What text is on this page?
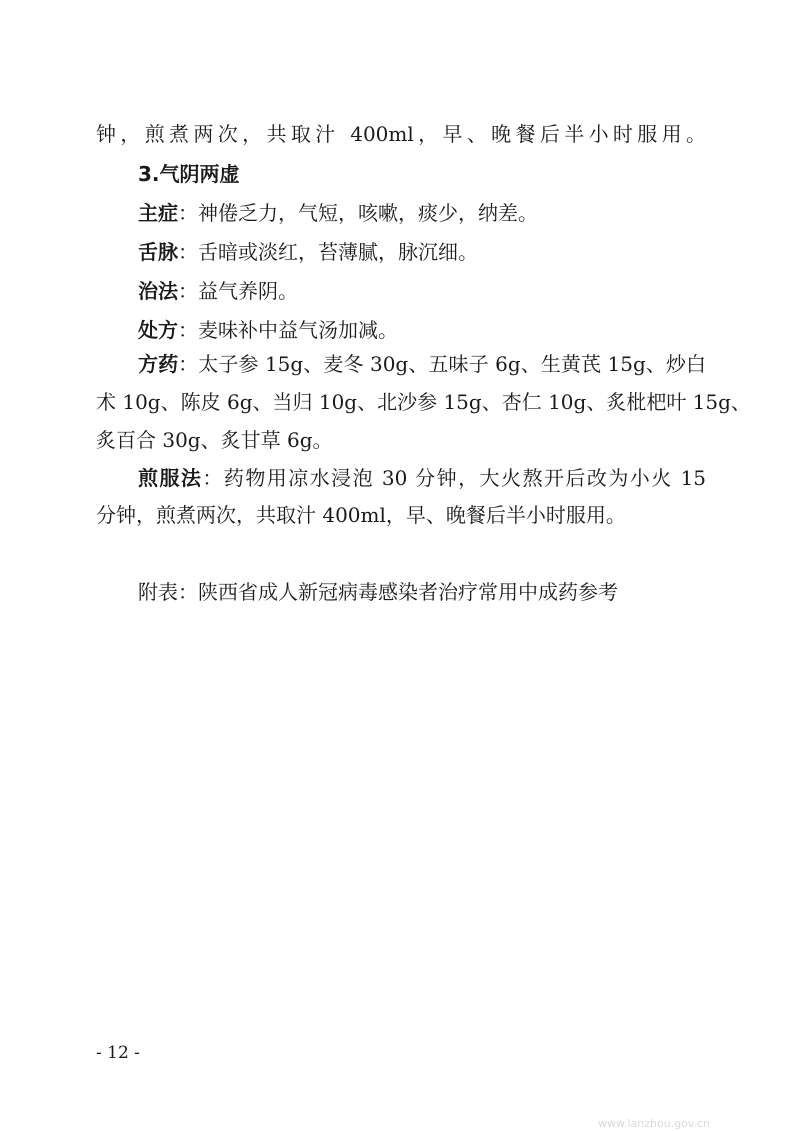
钟，煎煮两次，共取汁 400ml，早、晚餐后半小时服用。
3.气阴两虚
主症：神倦乏力，气短，咳嗽，痰少，纳差。
舌脉：舌暗或淡红，苔薄腻，脉沉细。
治法：益气养阴。
处方：麦味补中益气汤加减。
方药：太子参 15g、麦冬 30g、五味子 6g、生黄芪 15g、炒白
术 10g、陈皮 6g、当归 10g、北沙参 15g、杏仁 10g、炙枇杷叶 15g、
炙百合 30g、炙甘草 6g。
煎服法：药物用凉水浸泡 30 分钟，大火熬开后改为小火 15
分钟，煎煮两次，共取汁 400ml，早、晚餐后半小时服用。
附表：陕西省成人新冠病毒感染者治疗常用中成药参考
- 12 -
www.lanzhou.gov.cn
